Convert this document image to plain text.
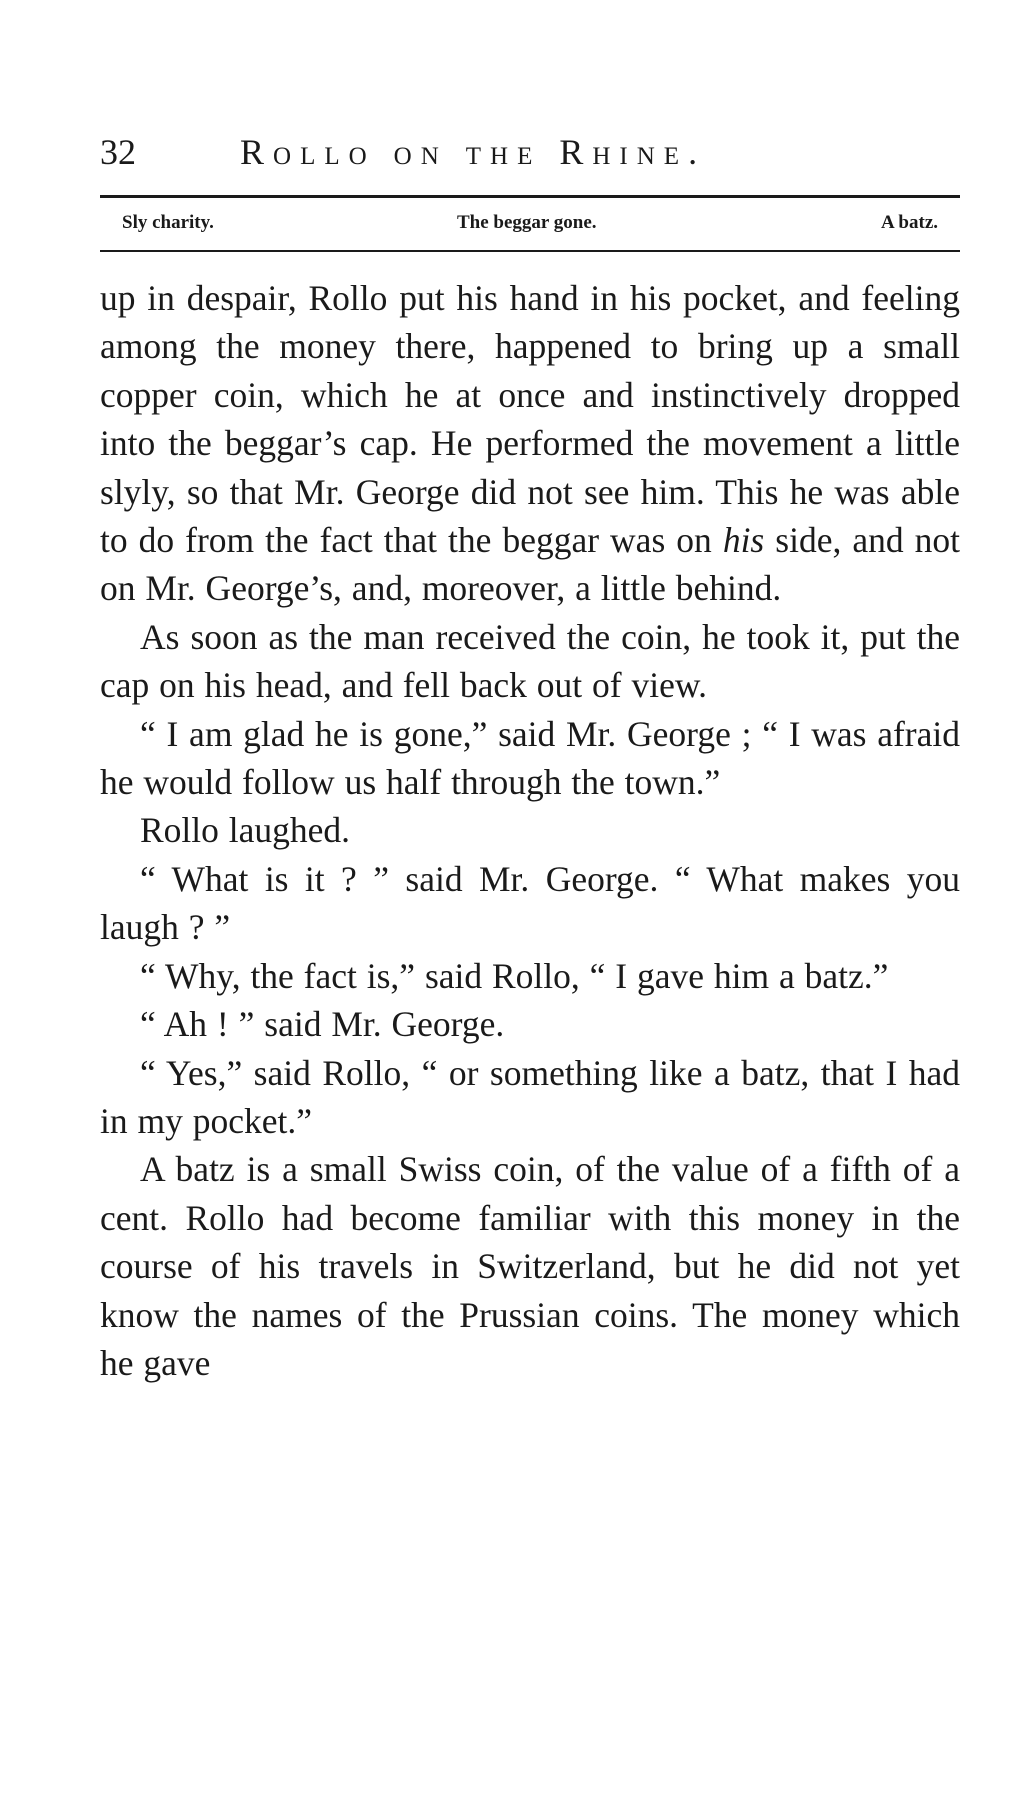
32	Rollo on the Rhine.
Sly charity.	The beggar gone.	A batz.

up in despair, Rollo put his hand in his pocket, and feeling among the money there, happened to bring up a small copper coin, which he at once and instinctively dropped into the beggar’s cap. He performed the movement a little slyly, so that Mr. George did not see him. This he was able to do from the fact that the beggar was on his side, and not on Mr. George’s, and, moreover, a little behind.

As soon as the man received the coin, he took it, put the cap on his head, and fell back out of view.

“ I am glad he is gone,” said Mr. George ; “ I was afraid he would follow us half through the town.”

Rollo laughed.

“ What is it ? ” said Mr. George. “ What makes you laugh ? ”

“ Why, the fact is,” said Rollo, “ I gave him a batz.”

“ Ah ! ” said Mr. George.

“ Yes,” said Rollo, “ or something like a batz, that I had in my pocket.”

A batz is a small Swiss coin, of the value of a fifth of a cent. Rollo had become familiar with this money in the course of his travels in Switzerland, but he did not yet know the names of the Prussian coins. The money which he gave
